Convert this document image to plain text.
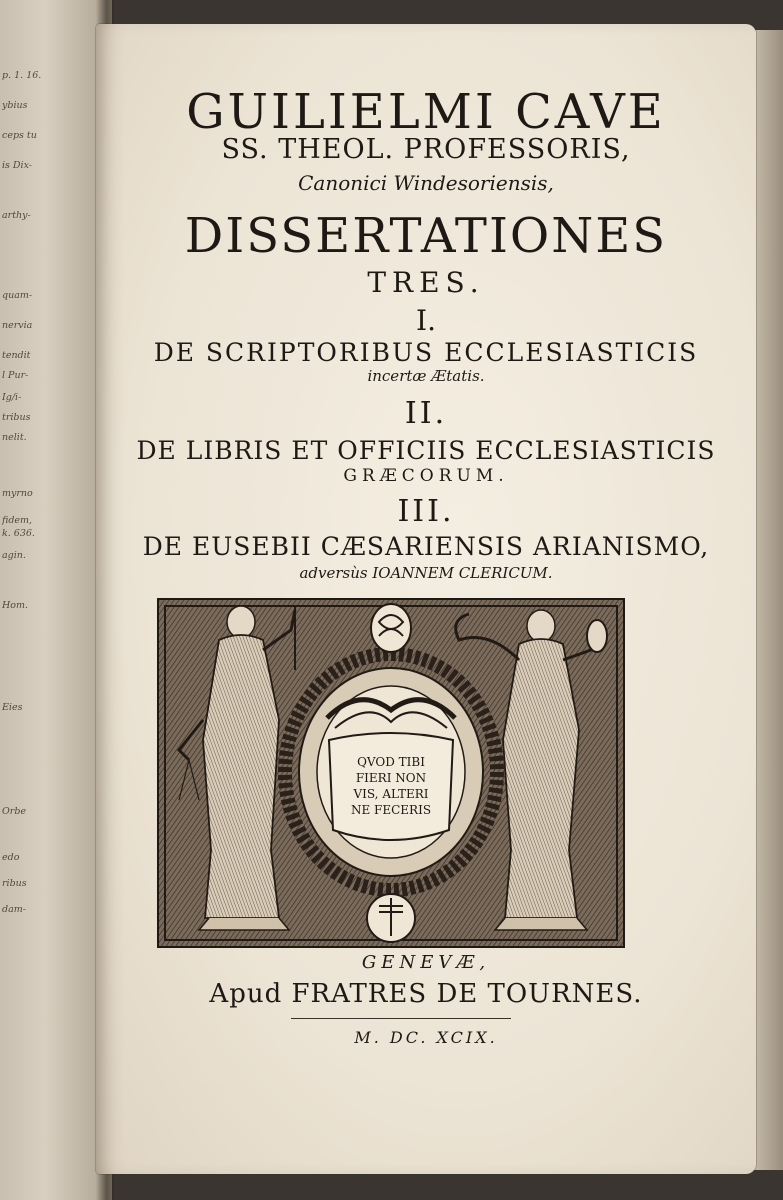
p. 1. 16.
ybius
ceps tu
is Dix-
arthy-
quam-
nervia
tendit
l Pur-
Ig/i-
tribus
nelit.
myrno
fidem,
k. 636.
agin.
Eies
Orbe
edo
ribus
dam-
Hom.
GUILIELMI CAVE
SS. THEOL. PROFESSORIS,
Canonici Windesoriensis,
DISSERTATIONES
TRES.
I.
DE SCRIPTORIBUS ECCLESIASTICIS
incertæ Ætatis.
II.
DE LIBRIS ET OFFICIIS ECCLESIASTICIS
GRÆCORUM.
III.
DE EUSEBII CÆSARIENSIS ARIANISMO,
adversùs IOANNEM CLERICUM.
QVOD TIBI
FIERI NON
VIS, ALTERI
NE FECERIS
GENEVÆ,
Apud FRATRES DE TOURNES.
M. DC. XCIX.
